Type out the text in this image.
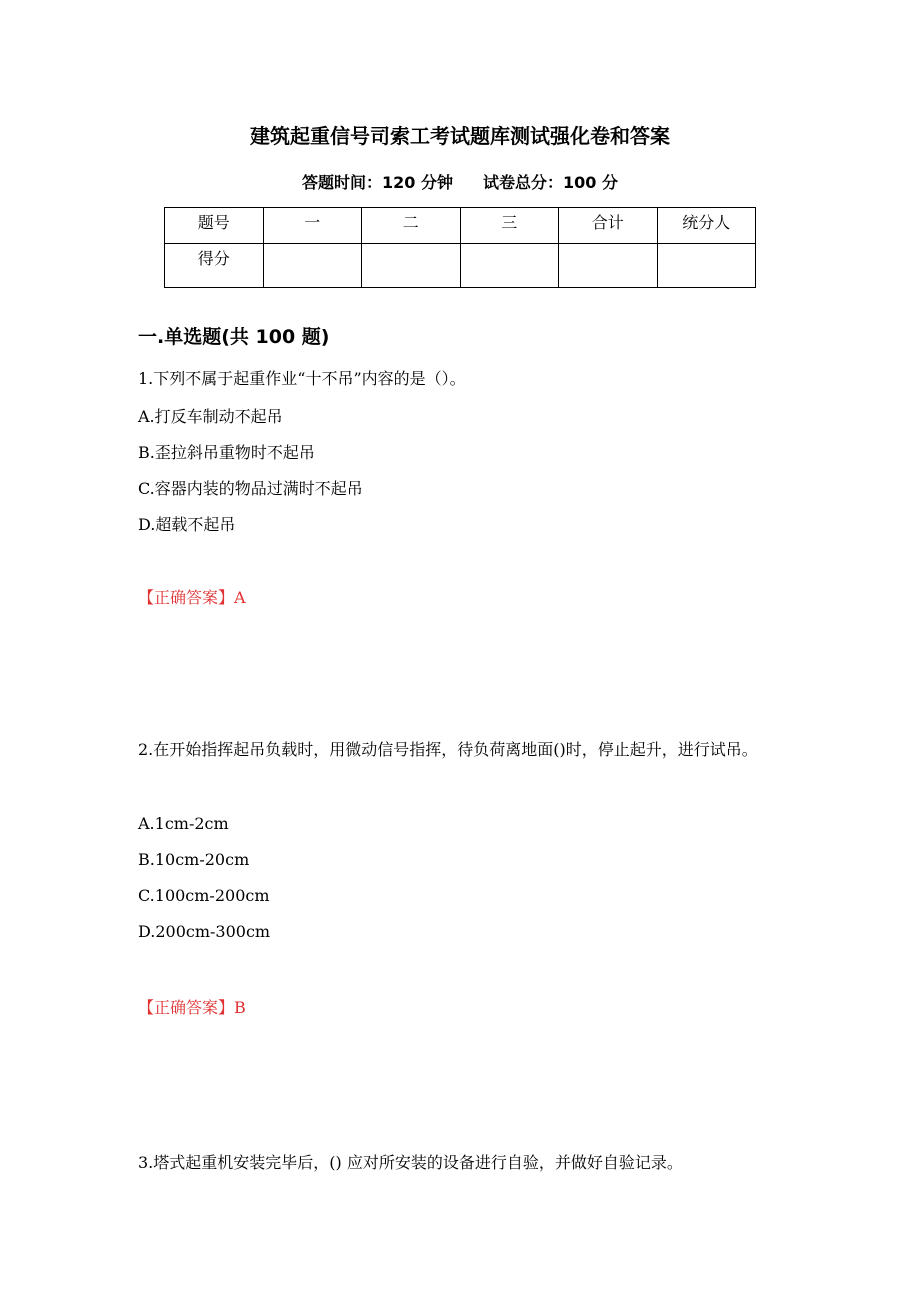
建筑起重信号司索工考试题库测试强化卷和答案
答题时间：120 分钟 试卷总分：100 分
题号	一	二	三	合计	统分人
得分					
一.单选题(共 100 题)
1.下列不属于起重作业“十不吊”内容的是（）。
A.打反车制动不起吊
B.歪拉斜吊重物时不起吊
C.容器内装的物品过满时不起吊
D.超载不起吊
【正确答案】A
2.在开始指挥起吊负载时，用微动信号指挥，待负荷离地面()时，停止起升，进行试吊。
A.1cm-2cm
B.10cm-20cm
C.100cm-200cm
D.200cm-300cm
【正确答案】B
3.塔式起重机安装完毕后，() 应对所安装的设备进行自验，并做好自验记录。
